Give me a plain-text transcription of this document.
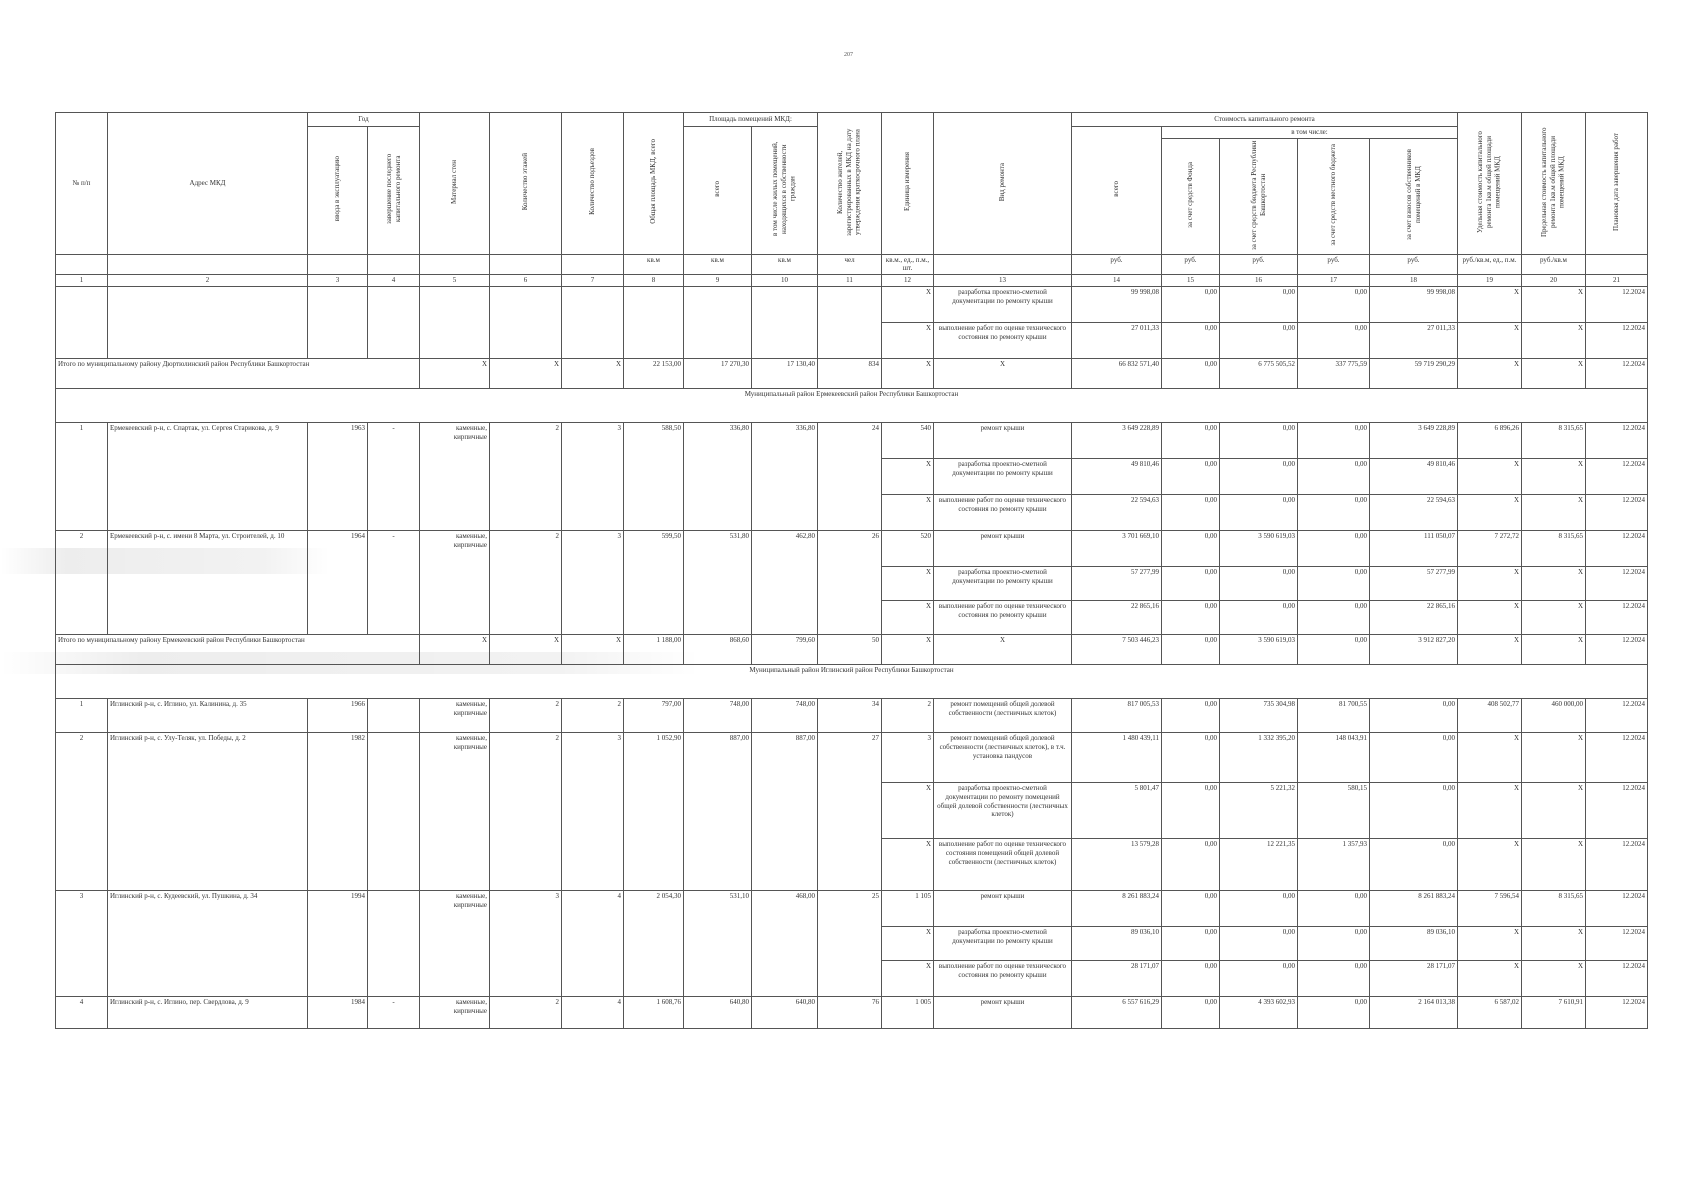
207
№ п/п	Адрес МКД	Год		Материал стен	Количество этажей	Количество подъездов	Общая площадь МКД, всего	Площадь помещений МКД:		Количество жителей, зарегистрированных в МКД на дату утверждения краткосрочного плана	Единица измерения	Вид ремонта	Стоимость капитального ремонта					Удельная стоимость капитального ремонта 1кв.м общей площади помещений МКД	Предельная стоимость капитального ремонта 1кв.м общей площади помещений МКД	Плановая дата завершения работ
		ввода в эксплуатацию	завершение последнего капитального ремонта					всего	в том числе жилых помещений, находящихся в собственности граждан				всего	в том числе:						
														за счет средств Фонда	за счет средств бюджета Республики Башкортостан	за счет средств местного бюджета	за счет взносов собственников помещений в МКД			
							кв.м	кв.м	кв.м	чел	кв.м., ед., п.м., шт.		руб.	руб.	руб.	руб.	руб.	руб./кв.м, ед., п.м.	руб./кв.м	
1	2	3	4	5	6	7	8	9	10	11	12	13	14	15	16	17	18	19	20	21
											X	разработка проектно-сметной документации по ремонту крыши	99 998,08	0,00	0,00	0,00	99 998,08	X	X	12.2024
											X	выполнение работ по оценке технического состояния по ремонту крыши	27 011,33	0,00	0,00	0,00	27 011,33	X	X	12.2024
Итого по муниципальному району Дюртюлинский район Республики Башкортостан				X	X	X	22 153,00	17 270,30	17 130,40	834	X	X	66 832 571,40	0,00	6 775 505,52	337 775,59	59 719 290,29	X	X	12.2024
Муниципальный район Ермекеевский район Республики Башкортостан																				
1	Ермекеевский р-н, с. Спартак, ул. Сергея Старикова, д. 9	1963	-	каменные, кирпичные	2	3	588,50	336,80	336,80	24	540	ремонт крыши	3 649 228,89	0,00	0,00	0,00	3 649 228,89	6 896,26	8 315,65	12.2024
											X	разработка проектно-сметной документации по ремонту крыши	49 810,46	0,00	0,00	0,00	49 810,46	X	X	12.2024
											X	выполнение работ по оценке технического состояния по ремонту крыши	22 594,63	0,00	0,00	0,00	22 594,63	X	X	12.2024
2	Ермекеевский р-н, с. имени 8 Марта, ул. Строителей, д. 10	1964	-	каменные, кирпичные	2	3	599,50	531,80	462,80	26	520	ремонт крыши	3 701 669,10	0,00	3 590 619,03	0,00	111 050,07	7 272,72	8 315,65	12.2024
											X	разработка проектно-сметной документации по ремонту крыши	57 277,99	0,00	0,00	0,00	57 277,99	X	X	12.2024
											X	выполнение работ по оценке технического состояния по ремонту крыши	22 865,16	0,00	0,00	0,00	22 865,16	X	X	12.2024
Итого по муниципальному району Ермекеевский район Республики Башкортостан				X	X	X	1 188,00	868,60	799,60	50	X	X	7 503 446,23	0,00	3 590 619,03	0,00	3 912 827,20	X	X	12.2024
Муниципальный район Иглинский район Республики Башкортостан																				
1	Иглинский р-н, с. Иглино, ул. Калинина, д. 35	1966		каменные, кирпичные	2	2	797,00	748,00	748,00	34	2	ремонт помещений общей долевой собственности (лестничных клеток)	817 005,53	0,00	735 304,98	81 700,55	0,00	408 502,77	460 000,00	12.2024
2	Иглинский р-н, с. Улу-Теляк, ул. Победы, д. 2	1982		каменные, кирпичные	2	3	1 052,90	887,00	887,00	27	3	ремонт помещений общей долевой собственности (лестничных клеток), в т.ч. установка пандусов	1 480 439,11	0,00	1 332 395,20	148 043,91	0,00	X	X	12.2024
											X	разработка проектно-сметной документации по ремонту помещений общей долевой собственности (лестничных клеток)	5 801,47	0,00	5 221,32	580,15	0,00	X	X	12.2024
											X	выполнение работ по оценке технического состояния помещений общей долевой собственности (лестничных клеток)	13 579,28	0,00	12 221,35	1 357,93	0,00	X	X	12.2024
3	Иглинский р-н, с. Кудеевский, ул. Пушкина, д. 34	1994		каменные, кирпичные	3	4	2 054,30	531,10	468,00	25	1 105	ремонт крыши	8 261 883,24	0,00	0,00	0,00	8 261 883,24	7 596,54	8 315,65	12.2024
											X	разработка проектно-сметной документации по ремонту крыши	89 036,10	0,00	0,00	0,00	89 036,10	X	X	12.2024
											X	выполнение работ по оценке технического состояния по ремонту крыши	28 171,07	0,00	0,00	0,00	28 171,07	X	X	12.2024
4	Иглинский р-н, с. Иглино, пер. Свердлова, д. 9	1984	-	каменные, кирпичные	2	4	1 608,76	640,80	640,80	76	1 005	ремонт крыши	6 557 616,29	0,00	4 393 602,93	0,00	2 164 013,38	6 587,02	7 610,91	12.2024
